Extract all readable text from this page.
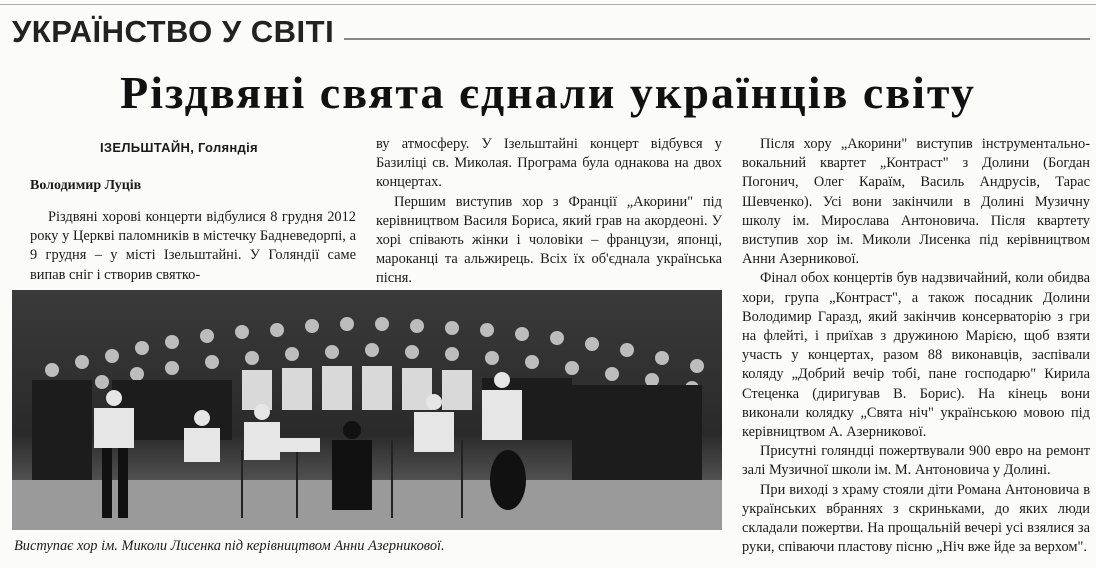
УКРАЇНСТВО У СВІТІ
Різдвяні свята єднали українців світу
ІЗЕЛЬШТАЙН, Голяндія
Володимир Луців

Різдвяні хорові концерти відбулися 8 грудня 2012 року у Церкві паломників в містечку Бадневедорпі, а 9 грудня – у місті Ізельштайні. У Голяндії саме випав сніг і створив святко-

ву атмосферу. У Ізельштайні концерт відбувся у Базиліці св. Миколая. Програма була однакова на двох концертах.

Першим виступив хор з Франції „Акорини" під керівництвом Василя Бориса, який грав на акордеоні. У хорі співають жінки і чоловіки – французи, японці, мароканці та альжирець. Всіх їх об'єднала українська пісня.

Після хору „Акорини" виступив інструментально-вокальний квартет „Контраст" з Долини (Богдан Погонич, Олег Караїм, Василь Андрусів, Тарас Шевченко). Усі вони закінчили в Долині Музичну школу ім. Мирослава Антоновича. Після квартету виступив хор ім. Миколи Лисенка під керівництвом Анни Азерникової.

Фінал обох концертів був надзвичайний, коли обидва хори, група „Контраст", а також посадник Долини Володимир Гаразд, який закінчив консерваторію з гри на флейті, і приїхав з дружиною Марією, щоб взяти участь у концертах, разом 88 виконавців, заспівали коляду „Добрий вечір тобі, пане господарю" Кирила Стеценка (диригував В. Борис). На кінець вони виконали колядку „Свята ніч" українською мовою під керівництвом А. Азерникової.

Присутні голяндці пожертвували 900 евро на ремонт залі Музичної школи ім. М. Антоновича у Долині.

При виході з храму стояли діти Романа Антоновича в українських вбраннях з скриньками, до яких люди складали пожертви. На прощальній вечері усі взялися за руки, співаючи пластову пісню „Ніч вже йде за верхом".

Виступає хор ім. Миколи Лисенка під керівництвом Анни Азерникової.
